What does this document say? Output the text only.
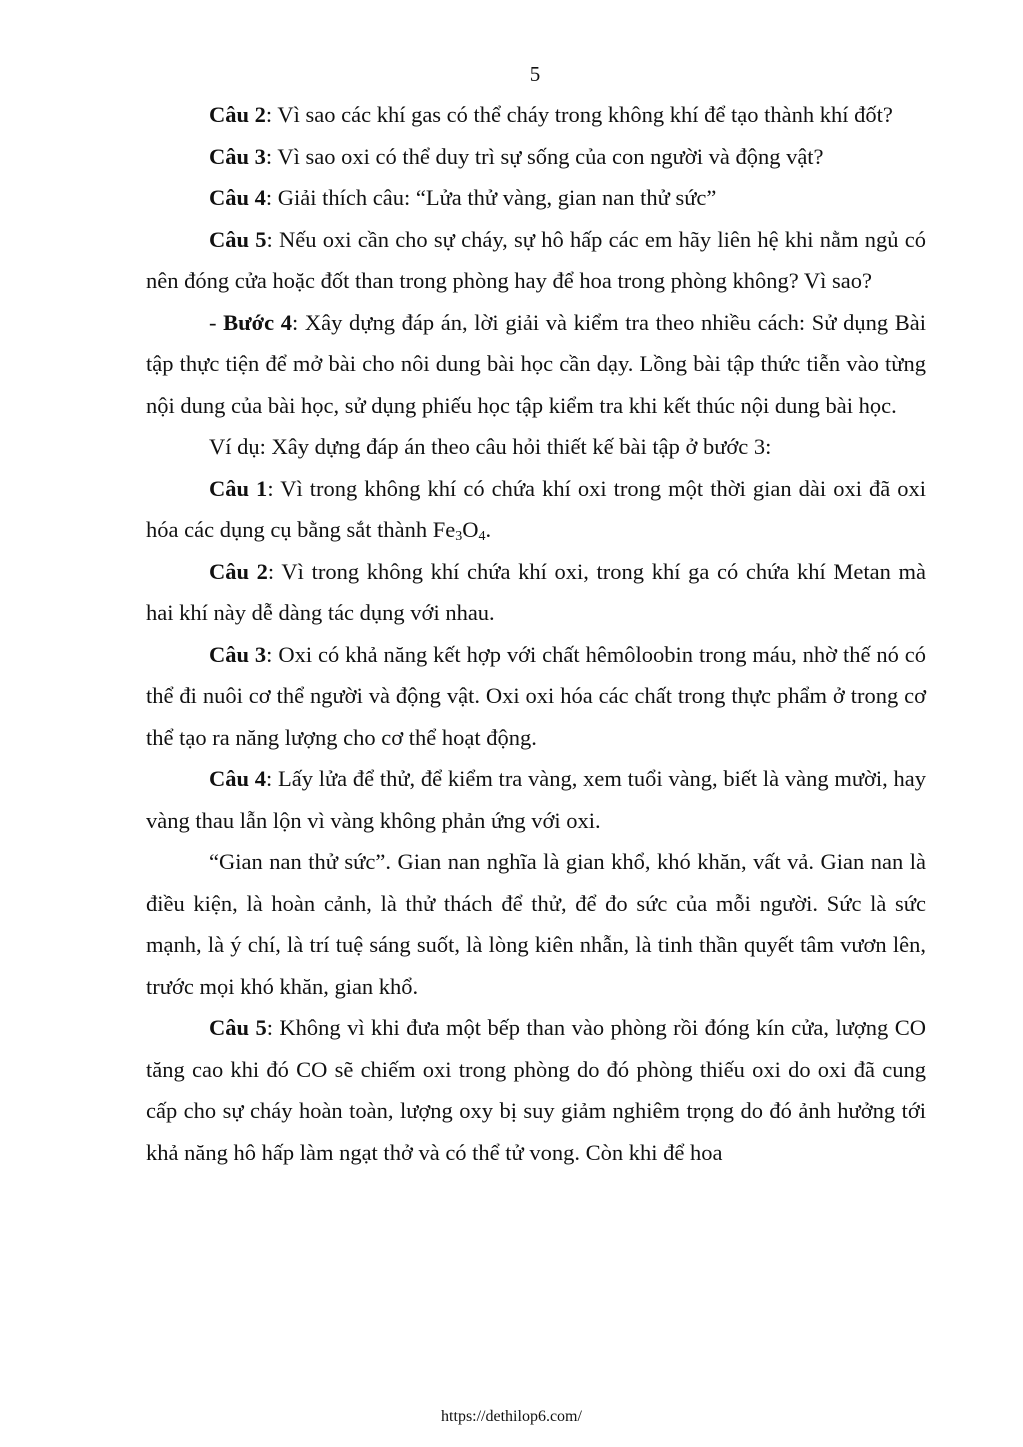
5

Câu 2: Vì sao các khí gas có thể cháy trong không khí để tạo thành khí đốt?

Câu 3: Vì sao oxi có thể duy trì sự sống của con người và động vật?

Câu 4: Giải thích câu: “Lửa thử vàng, gian nan thử sức”

Câu 5: Nếu oxi cần cho sự cháy, sự hô hấp các em hãy liên hệ khi nằm ngủ có nên đóng cửa hoặc đốt than trong phòng hay để hoa trong phòng không? Vì sao?

- Bước 4: Xây dựng đáp án, lời giải và kiểm tra theo nhiều cách: Sử dụng Bài tập thực tiện để mở bài cho nôi dung bài học cần dạy. Lồng bài tập thức tiễn vào từng nội dung của bài học, sử dụng phiếu học tập kiểm tra khi kết thúc nội dung bài học.

Ví dụ: Xây dựng đáp án theo câu hỏi thiết kế bài tập ở bước 3:

Câu 1: Vì trong không khí có chứa khí oxi trong một thời gian dài oxi đã oxi hóa các dụng cụ bằng sắt thành $Fe_3O_4$.

Câu 2: Vì trong không khí chứa khí oxi, trong khí ga có chứa khí Metan mà hai khí này dễ dàng tác dụng với nhau.

Câu 3: Oxi có khả năng kết hợp với chất hêmôloobin trong máu, nhờ thế nó có thể đi nuôi cơ thể người và động vật. Oxi oxi hóa các chất trong thực phẩm ở trong cơ thể tạo ra năng lượng cho cơ thể hoạt động.

Câu 4: Lấy lửa để thử, để kiểm tra vàng, xem tuổi vàng, biết là vàng mười, hay vàng thau lẫn lộn vì vàng không phản ứng với oxi.

“Gian nan thử sức”. Gian nan nghĩa là gian khổ, khó khăn, vất vả. Gian nan là điều kiện, là hoàn cảnh, là thử thách để thử, để đo sức của mỗi người. Sức là sức mạnh, là ý chí, là trí tuệ sáng suốt, là lòng kiên nhẫn, là tinh thần quyết tâm vươn lên, trước mọi khó khăn, gian khổ.

Câu 5: Không vì khi đưa một bếp than vào phòng rồi đóng kín cửa, lượng CO tăng cao khi đó CO sẽ chiếm oxi trong phòng do đó phòng thiếu oxi do oxi đã cung cấp cho sự cháy hoàn toàn, lượng oxy bị suy giảm nghiêm trọng do đó ảnh hưởng tới khả năng hô hấp làm ngạt thở và có thể tử vong. Còn khi để hoa

https://dethilop6.com/
